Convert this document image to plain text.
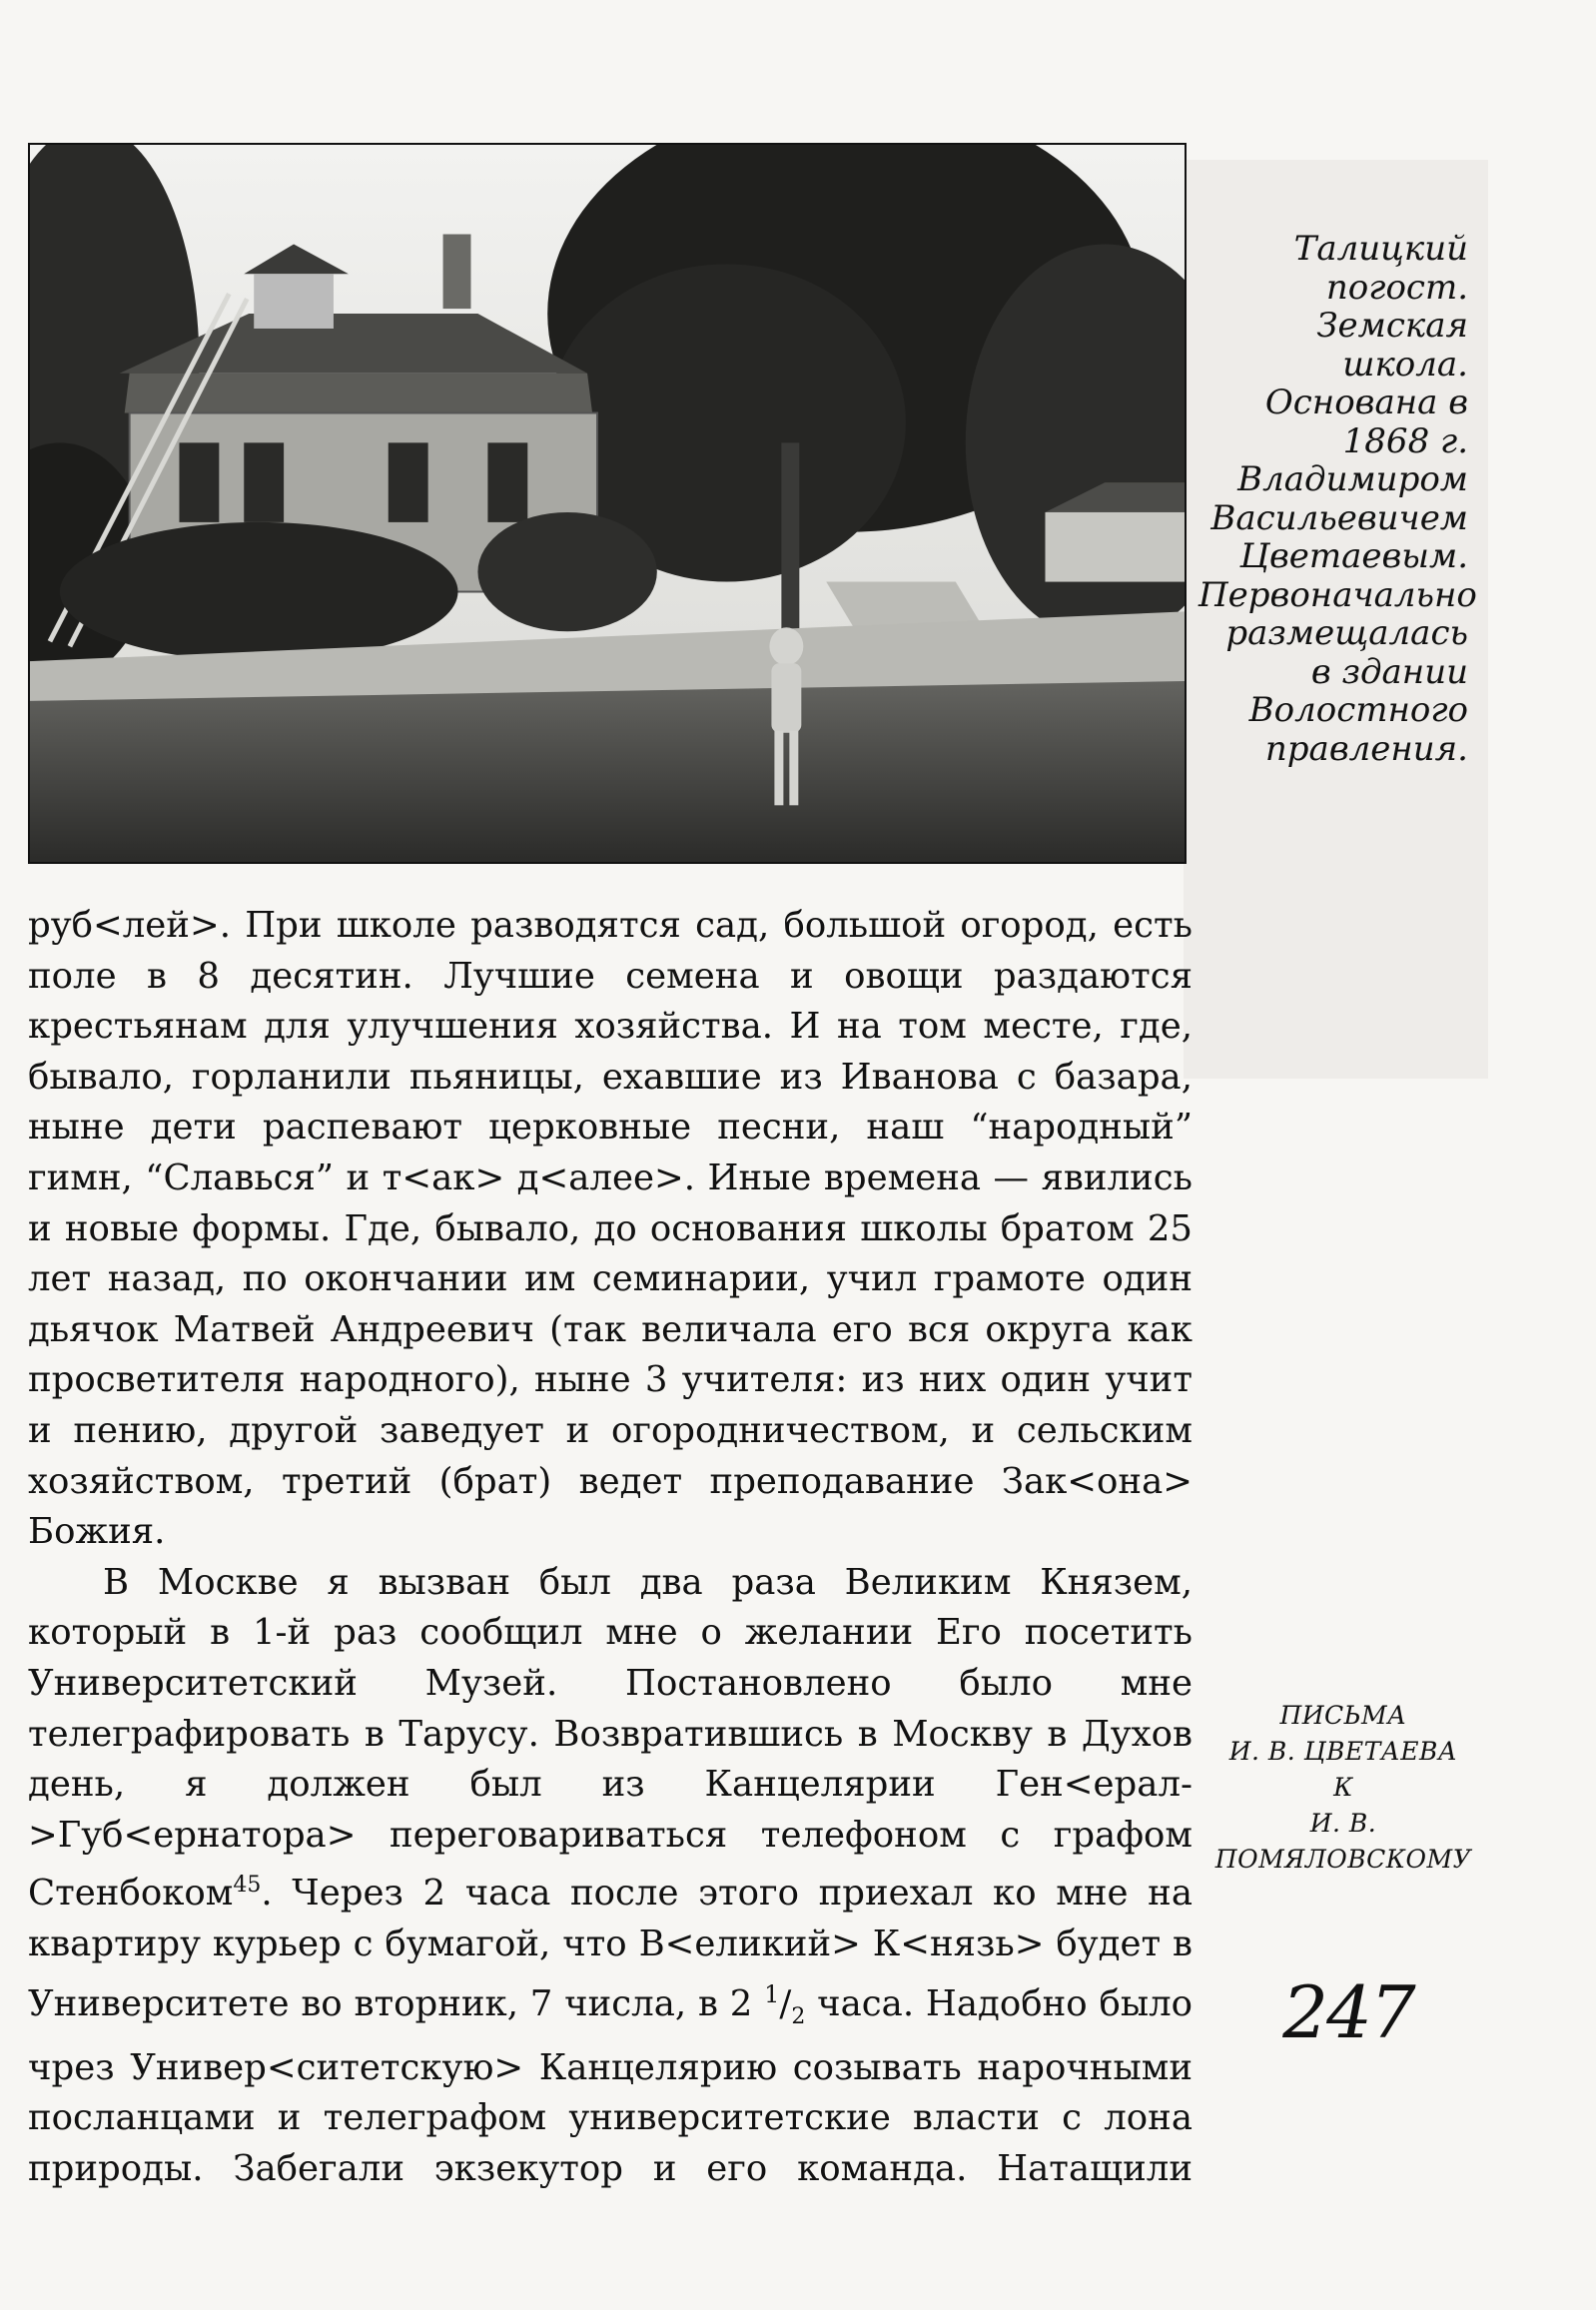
Талицкий
погост.
Земская
школа.
Основана в
1868 г.
Владимиром
Васильевичем
Цветаевым.
Первоначально
размещалась
в здании
Волостного
правления.

руб<лей>. При школе разводятся сад, большой огород, есть поле в 8 десятин. Лучшие семена и овощи раздаются крестьянам для улучшения хозяйства. И на том месте, где, бывало, горланили пьяницы, ехавшие из Иванова с базара, ныне дети распевают церковные песни, наш “народный” гимн, “Славься” и т<ак> д<алее>. Иные времена — явились и новые формы. Где, бывало, до основания школы братом 25 лет назад, по окончании им семинарии, учил грамоте один дьячок Матвей Андреевич (так величала его вся округа как просветителя народного), ныне 3 учителя: из них один учит и пению, другой заведует и огородничеством, и сельским хозяйством, третий (брат) ведет преподавание Зак<она> Божия.

В Москве я вызван был два раза Великим Князем, который в 1-й раз сообщил мне о желании Его посетить Университетский Музей. Постановлено было мне телеграфировать в Тарусу. Возвратившись в Москву в Духов день, я должен был из Канцелярии Ген<ерал->Губ<ернатора> переговариваться телефоном с графом Стенбоком$^{45}$. Через 2 часа после этого приехал ко мне на квартиру курьер с бумагой, что В<еликий> К<нязь> будет в Университете во вторник, 7 числа, в 2 $^1/_2$ часа. Надобно было чрез Универ<ситетскую> Канцелярию созывать нарочными посланцами и телеграфом университетские власти с лона природы. Забегали экзекутор и его команда. Натащили

ПИСЬМА
И. В. ЦВЕТАЕВА
К
И. В.
ПОМЯЛОВСКОМУ
247
